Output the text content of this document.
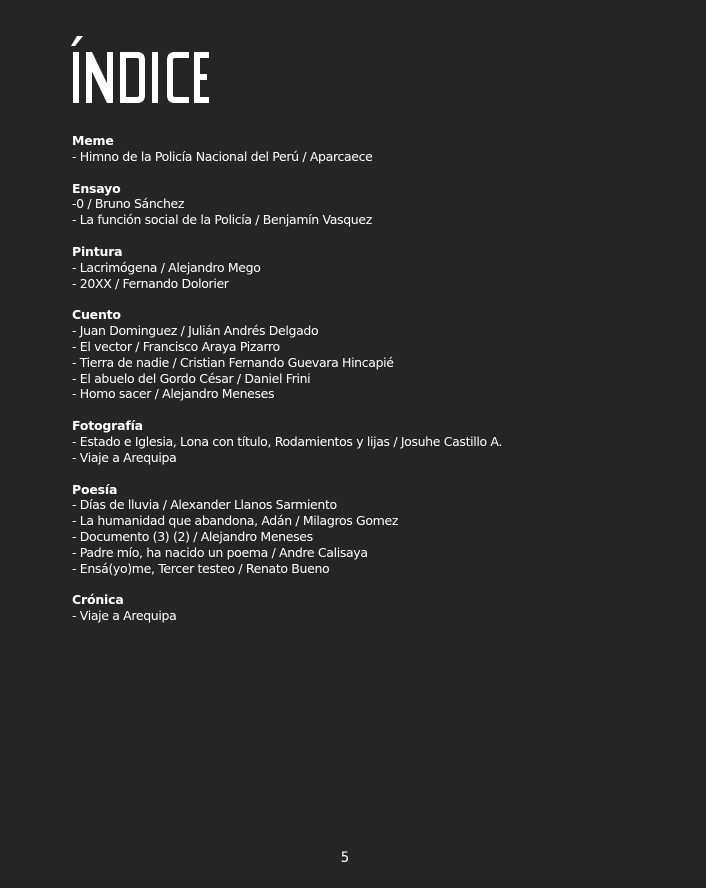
Meme

- Himno de la Policía Nacional del Perú / Aparcaece

Ensayo

-0 / Bruno Sánchez

- La función social de la Policía / Benjamín Vasquez

Pintura

- Lacrimógena / Alejandro Mego

- 20XX / Fernando Dolorier

Cuento

- Juan Dominguez / Julián Andrés Delgado

- El vector / Francisco Araya Pizarro

- Tierra de nadie / Cristian Fernando Guevara Hincapié

- El abuelo del Gordo César / Daniel Frini

- Homo sacer / Alejandro Meneses

Fotografía

- Estado e Iglesia, Lona con título, Rodamientos y lijas / Josuhe Castillo A.

- Viaje a Arequipa

Poesía

- Días de lluvia / Alexander Llanos Sarmiento

- La humanidad que abandona, Adán / Milagros Gomez

- Documento (3) (2) / Alejandro Meneses

- Padre mío, ha nacido un poema / Andre Calisaya

- Ensá(yo)me, Tercer testeo / Renato Bueno

Crónica

- Viaje a Arequipa

5
